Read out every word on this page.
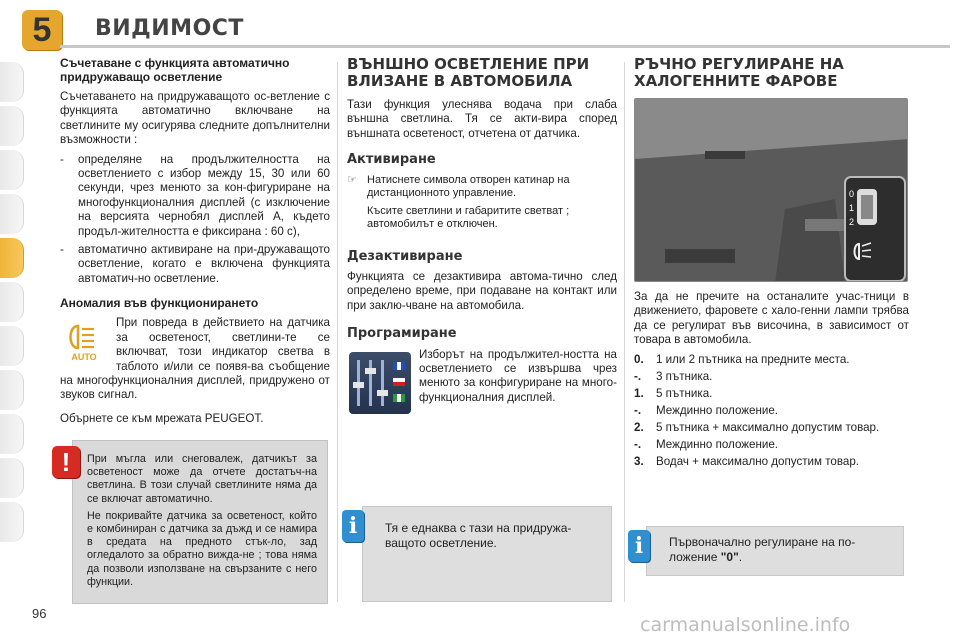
5	ВИДИМОСТ
Съчетаване с функцията автоматично придружаващо осветление

Съчетаването на придружаващото ос-ветление с функцията автоматично включване на светлините му осигурява следните допълнителни възможности :

-	определяне на продължителността на осветлението с избор между 15, 30 или 60 секунди, чрез менюто за кон-фигуриране на многофункционалния дисплей (с изключение на версията чернобял дисплей А, където продъл-жителността е фиксирана : 60 с),
-	автоматично активиране на при-дружаващото осветление, когато е включена функцията автоматич-но осветление.
Аномалия във функционирането
AUTO

При повреда в действието на датчика за осветеност, светлини-те се включват, този индикатор светва в таблото и/или се появя-ва съобщение на многофункционалния дисплей, придружено от звуков сигнал.

Обърнете се към мрежата PEUGEOT.

При мъгла или снеговалеж, датчикът за осветеност може да отчете достатъч-на светлина. В този случай светлините няма да се включат автоматично.

Не покривайте датчика за осветеност, който е комбиниран с датчика за дъжд и се намира в средата на предното стък-ло, зад огледалото за обратно вижда-не ; това няма да позволи използване на свързаните с него функции.

!
ВЪНШНО ОСВЕТЛЕНИЕ ПРИ ВЛИЗАНЕ В АВТОМОБИЛА

Тази функция улеснява водача при слаба външна светлина. Тя се акти-вира според външната осветеност, отчетена от датчика.

Активиране
☞ Натиснете символа отворен катинар на дистанционното управление.

Късите светлини и габаритите светват ; автомобилът е отключен.

Дезактивиране

Функцията се дезактивира автома-тично след определено време, при подаване на контакт или при заклю-чване на автомобила.

Програмиране

Изборът на продължител-ността на осветлението се извършва чрез менюто за конфигуриране на много-функционалния дисплей.

Тя е еднаква с тази на придружа-ващото осветление.

i
РЪЧНО РЕГУЛИРАНЕ НА ХАЛОГЕННИТЕ ФАРОВЕ
0
1
2

За да не пречите на останалите учас-тници в движението, фаровете с халo-генни лампи трябва да се регулират във височина, в зависимост от товара в автомобила.

0.	1 или 2 пътника на предните места.
-.	3 пътника.
1.	5 пътника.
-.	Междинно положение.
2.	5 пътника + максимално допустим товар.
-.	Междинно положение.
3.	Водач + максимално допустим товар.

Първоначално регулиране на по-ложение "0".

i
96
carmanualsonline.info
